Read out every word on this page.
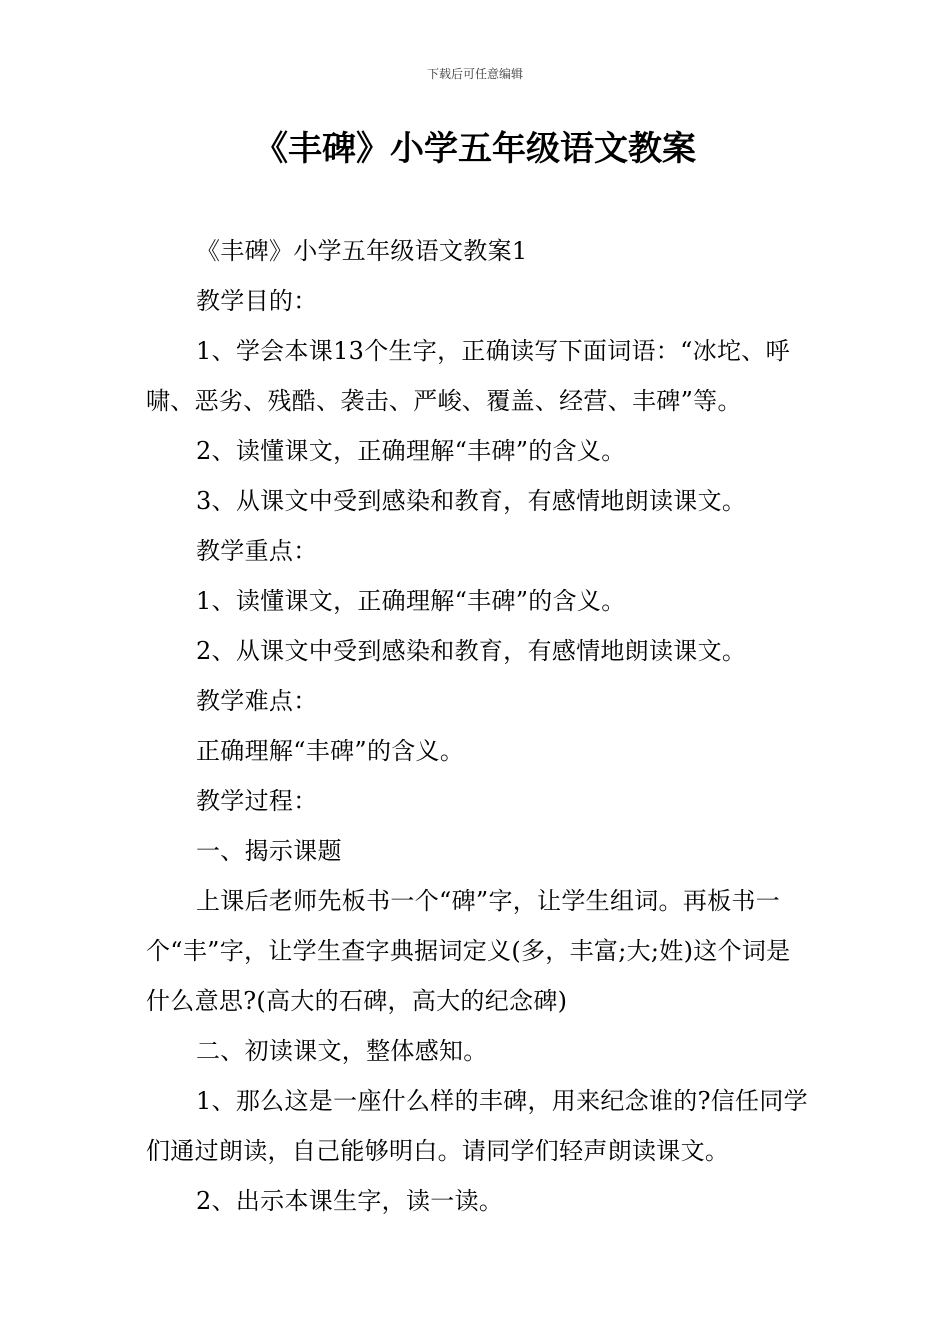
下载后可任意编辑
《丰碑》小学五年级语文教案

《丰碑》小学五年级语文教案1

教学目的：

1、学会本课13个生字，正确读写下面词语：“冰坨、呼啸、恶劣、残酷、袭击、严峻、覆盖、经营、丰碑”等。

2、读懂课文，正确理解“丰碑”的含义。

3、从课文中受到感染和教育，有感情地朗读课文。

教学重点：

1、读懂课文，正确理解“丰碑”的含义。

2、从课文中受到感染和教育，有感情地朗读课文。

教学难点：

正确理解“丰碑”的含义。

教学过程：

一、揭示课题

上课后老师先板书一个“碑”字，让学生组词。再板书一个“丰”字，让学生查字典据词定义(多，丰富;大;姓)这个词是什么意思?(高大的石碑，高大的纪念碑)

二、初读课文，整体感知。

1、那么这是一座什么样的丰碑，用来纪念谁的?信任同学们通过朗读，自己能够明白。请同学们轻声朗读课文。

2、出示本课生字，读一读。
